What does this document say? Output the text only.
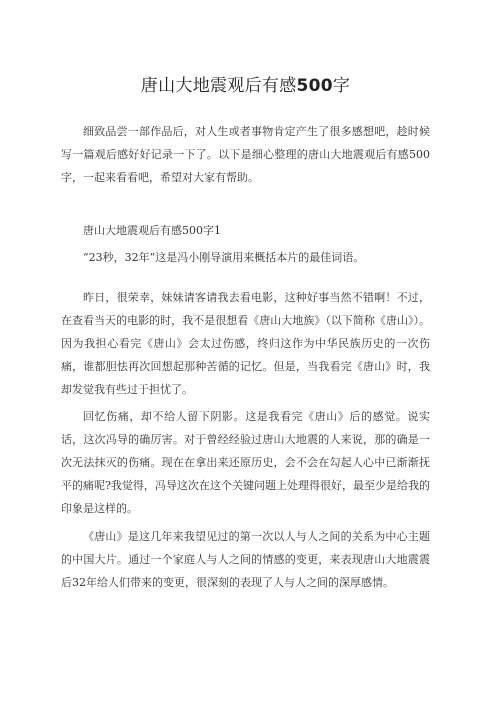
唐山大地震观后有感500字

细致品尝一部作品后，对人生或者事物肯定产生了很多感想吧，趁时候写一篇观后感好好记录一下了。以下是细心整理的唐山大地震观后有感500字，一起来看看吧，希望对大家有帮助。

唐山大地震观后有感500字1

“23秒，32年”这是冯小刚导演用来概括本片的最佳词语。

昨日，很荣幸，妹妹请客请我去看电影，这种好事当然不错啊！不过，在查看当天的电影的时，我不是很想看《唐山大地族》（以下简称《唐山》）。因为我担心看完《唐山》会太过伤感，终归这作为中华民族历史的一次伤痛，谁都胆怯再次回想起那种苦循的记忆。但是，当我看完《唐山》时，我却发觉我有些过于担忧了。

回忆伤痛，却不给人留下阴影。这是我看完《唐山》后的感觉。说实话，这次冯导的确厉害。对于曾经经验过唐山大地震的人来说，那的确是一次无法抹灭的伤痛。现在在拿出来还原历史，会不会在勾起人心中已渐渐抚平的痛呢?我觉得，冯导这次在这个关键问题上处理得很好，最至少是给我的印象是这样的。

《唐山》是这几年来我望见过的第一次以人与人之间的关系为中心主题的中国大片。通过一个家庭人与人之间的情感的变更，来表现唐山大地震震后32年给人们带来的变更，很深刻的表现了人与人之间的深厚感情。
